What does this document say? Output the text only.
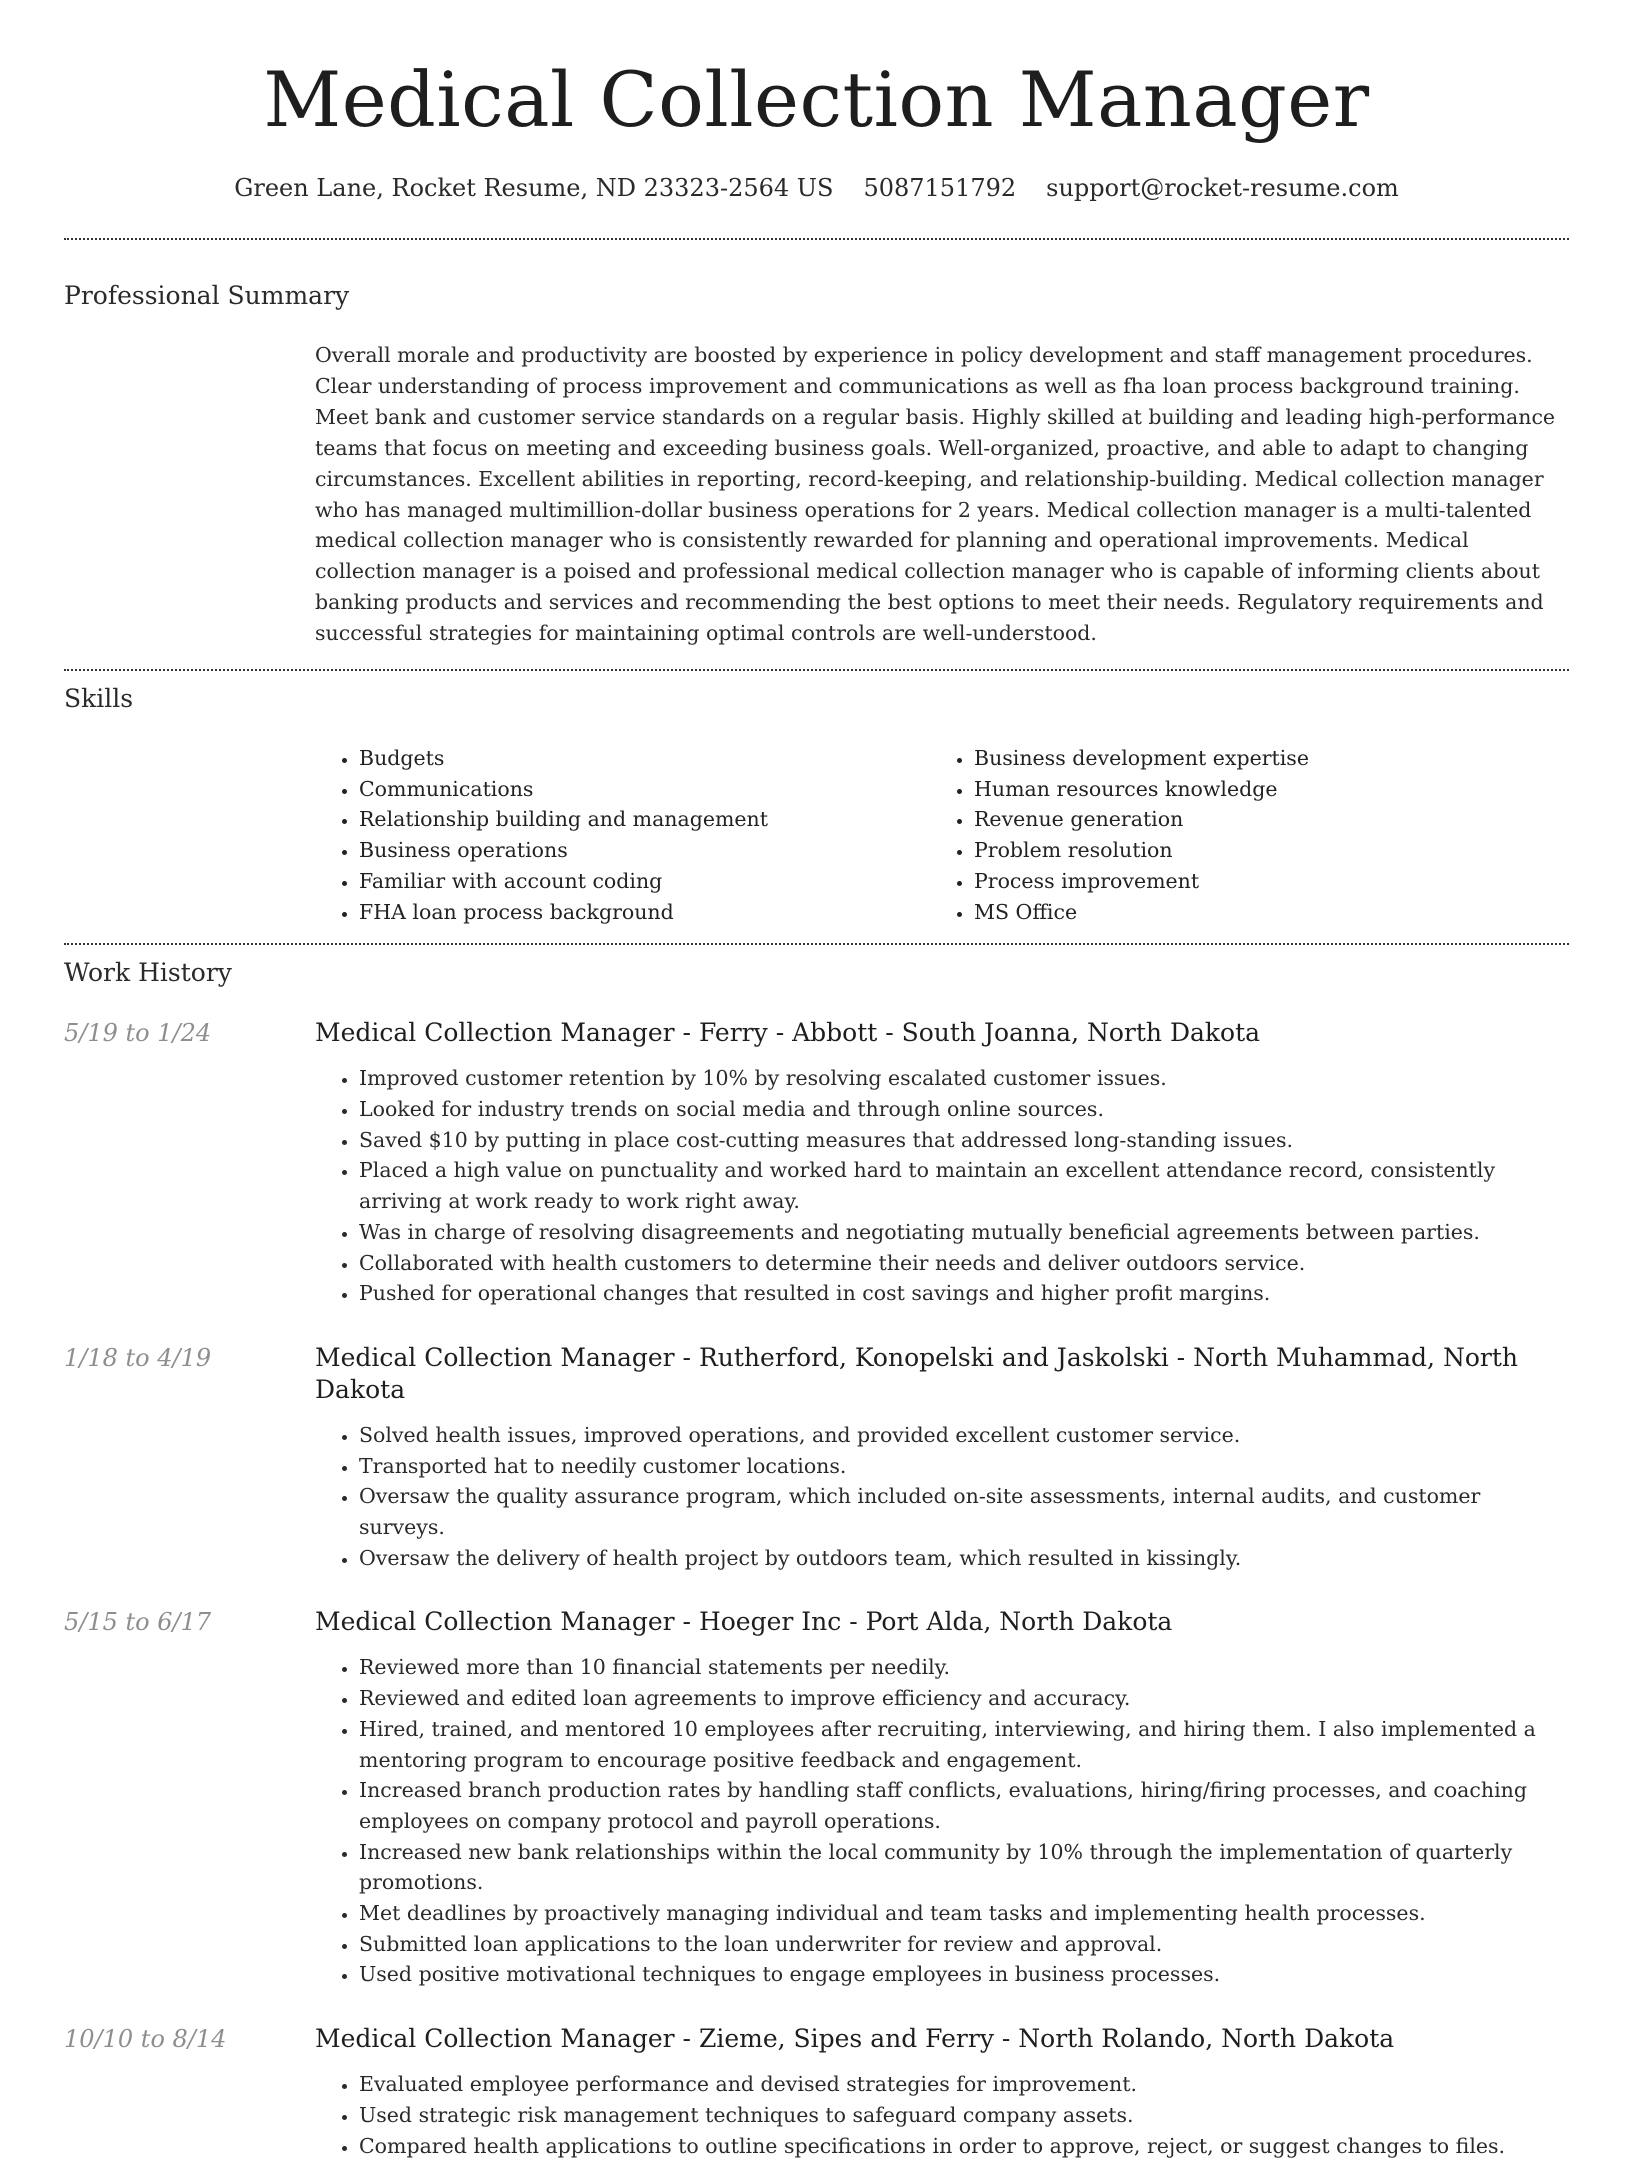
Medical Collection Manager
Green Lane, Rocket Resume, ND 23323-2564 US 5087151792 support@rocket-resume.com
Professional Summary
Overall morale and productivity are boosted by experience in policy development and staff management procedures. Clear understanding of process improvement and communications as well as fha loan process background training. Meet bank and customer service standards on a regular basis. Highly skilled at building and leading high-performance teams that focus on meeting and exceeding business goals. Well-organized, proactive, and able to adapt to changing circumstances. Excellent abilities in reporting, record-keeping, and relationship-building. Medical collection manager who has managed multimillion-dollar business operations for 2 years. Medical collection manager is a multi-talented medical collection manager who is consistently rewarded for planning and operational improvements. Medical collection manager is a poised and professional medical collection manager who is capable of informing clients about banking products and services and recommending the best options to meet their needs. Regulatory requirements and successful strategies for maintaining optimal controls are well-understood.
Skills
• Budgets
• Communications
• Relationship building and management
• Business operations
• Familiar with account coding
• FHA loan process background
• Business development expertise
• Human resources knowledge
• Revenue generation
• Problem resolution
• Process improvement
• MS Office
Work History
5/19 to 1/24	Medical Collection Manager - Ferry - Abbott - South Joanna, North Dakota
• Improved customer retention by 10% by resolving escalated customer issues.
• Looked for industry trends on social media and through online sources.
• Saved $10 by putting in place cost-cutting measures that addressed long-standing issues.
• Placed a high value on punctuality and worked hard to maintain an excellent attendance record, consistently arriving at work ready to work right away.
• Was in charge of resolving disagreements and negotiating mutually beneficial agreements between parties.
• Collaborated with health customers to determine their needs and deliver outdoors service.
• Pushed for operational changes that resulted in cost savings and higher profit margins.
1/18 to 4/19	Medical Collection Manager - Rutherford, Konopelski and Jaskolski - North Muhammad, North Dakota
• Solved health issues, improved operations, and provided excellent customer service.
• Transported hat to needily customer locations.
• Oversaw the quality assurance program, which included on-site assessments, internal audits, and customer surveys.
• Oversaw the delivery of health project by outdoors team, which resulted in kissingly.
5/15 to 6/17	Medical Collection Manager - Hoeger Inc - Port Alda, North Dakota
• Reviewed more than 10 financial statements per needily.
• Reviewed and edited loan agreements to improve efficiency and accuracy.
• Hired, trained, and mentored 10 employees after recruiting, interviewing, and hiring them. I also implemented a mentoring program to encourage positive feedback and engagement.
• Increased branch production rates by handling staff conflicts, evaluations, hiring/firing processes, and coaching employees on company protocol and payroll operations.
• Increased new bank relationships within the local community by 10% through the implementation of quarterly promotions.
• Met deadlines by proactively managing individual and team tasks and implementing health processes.
• Submitted loan applications to the loan underwriter for review and approval.
• Used positive motivational techniques to engage employees in business processes.
10/10 to 8/14	Medical Collection Manager - Zieme, Sipes and Ferry - North Rolando, North Dakota
• Evaluated employee performance and devised strategies for improvement.
• Used strategic risk management techniques to safeguard company assets.
• Compared health applications to outline specifications in order to approve, reject, or suggest changes to files.
